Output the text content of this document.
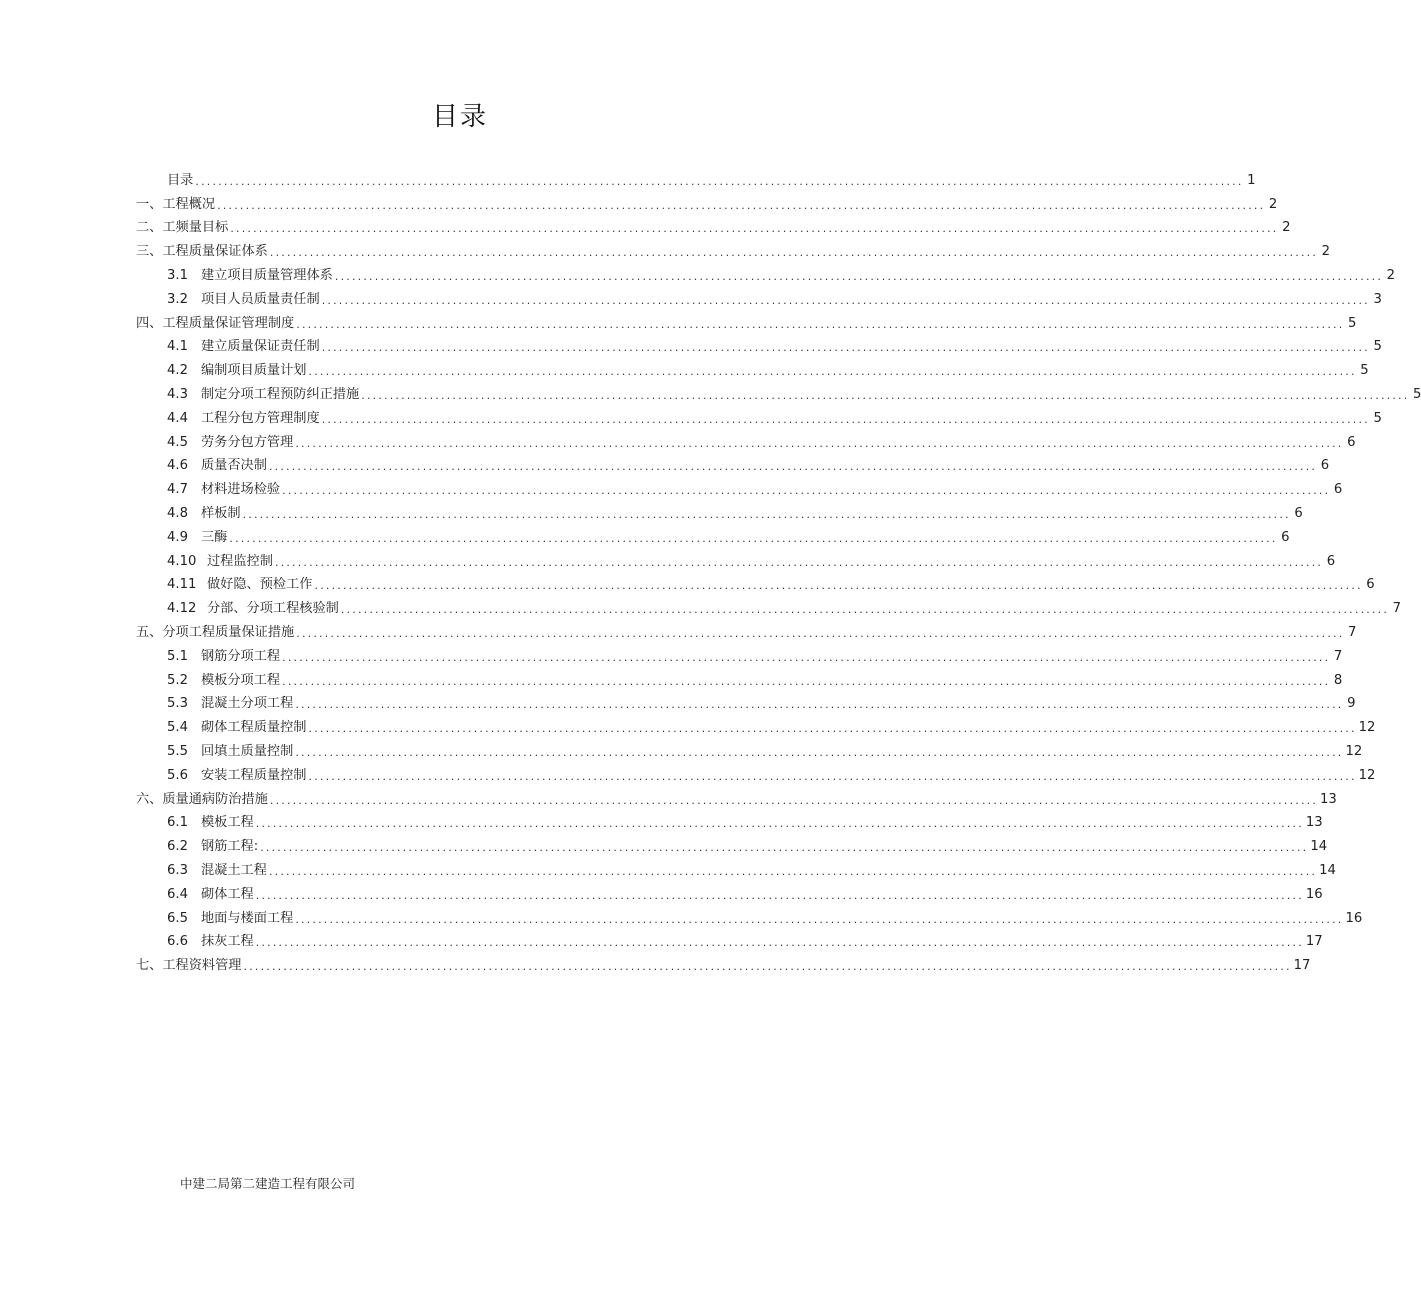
目录
目录 ........................................................................................................................................................................................ 1
一、工程概况 ........................................................................................................................................................................................ 2
二、工频量目标 ........................................................................................................................................................................................ 2
三、工程质量保证体系 ........................................................................................................................................................................................ 2
3.1 建立项目质量管理体系 ........................................................................................................................................................................................ 2
3.2 项目人员质量责任制 ........................................................................................................................................................................................ 3
四、工程质量保证管理制度 ........................................................................................................................................................................................ 5
4.1 建立质量保证责任制 ........................................................................................................................................................................................ 5
4.2 编制项目质量计划 ........................................................................................................................................................................................ 5
4.3 制定分项工程预防纠正措施 ........................................................................................................................................................................................ 5
4.4 工程分包方管理制度 ........................................................................................................................................................................................ 5
4.5 劳务分包方管理 ........................................................................................................................................................................................ 6
4.6 质量否决制 ........................................................................................................................................................................................ 6
4.7 材料进场检验 ........................................................................................................................................................................................ 6
4.8 样板制 ........................................................................................................................................................................................ 6
4.9 三酶 ........................................................................................................................................................................................ 6
4.10 过程监控制 ........................................................................................................................................................................................ 6
4.11 做好隐、预检工作 ........................................................................................................................................................................................ 6
4.12 分部、分项工程核验制 ........................................................................................................................................................................................ 7
五、分项工程质量保证措施 ........................................................................................................................................................................................ 7
5.1 钢筋分项工程 ........................................................................................................................................................................................ 7
5.2 模板分项工程 ........................................................................................................................................................................................ 8
5.3 混凝土分项工程 ........................................................................................................................................................................................ 9
5.4 砌体工程质量控制 ........................................................................................................................................................................................ 12
5.5 回填土质量控制 ........................................................................................................................................................................................ 12
5.6 安装工程质量控制 ........................................................................................................................................................................................ 12
六、质量通病防治措施 ........................................................................................................................................................................................ 13
6.1 模板工程 ........................................................................................................................................................................................ 13
6.2 钢筋工程: ........................................................................................................................................................................................ 14
6.3 混凝土工程 ........................................................................................................................................................................................ 14
6.4 砌体工程 ........................................................................................................................................................................................ 16
6.5 地面与楼面工程 ........................................................................................................................................................................................ 16
6.6 抹灰工程 ........................................................................................................................................................................................ 17
七、工程资料管理 ........................................................................................................................................................................................ 17
中建二局第二建造工程有限公司
